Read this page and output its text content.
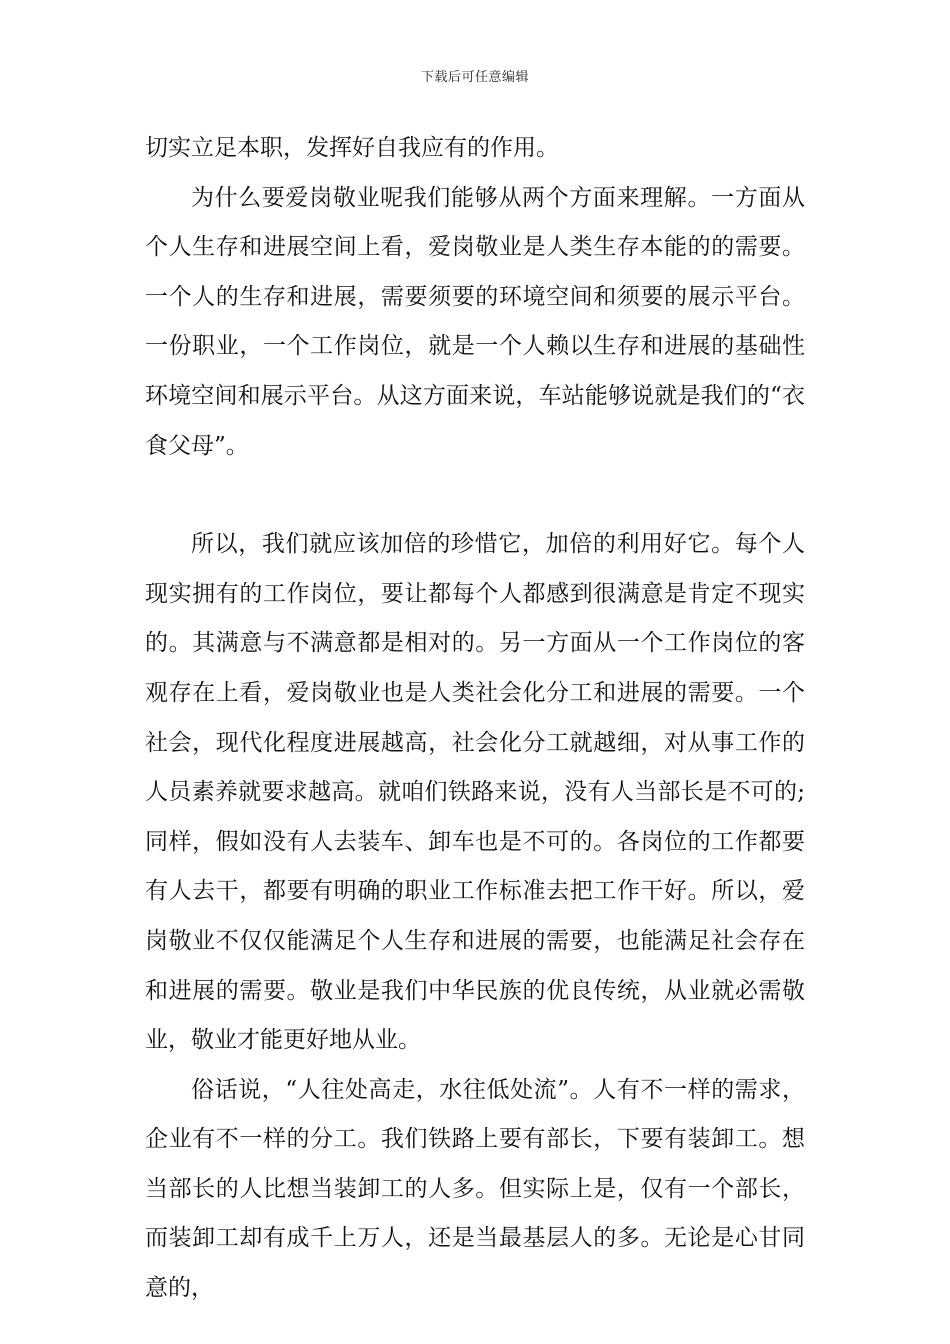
下载后可任意编辑

切实立足本职，发挥好自我应有的作用。

为什么要爱岗敬业呢我们能够从两个方面来理解。一方面从个人生存和进展空间上看，爱岗敬业是人类生存本能的的需要。一个人的生存和进展，需要须要的环境空间和须要的展示平台。一份职业，一个工作岗位，就是一个人赖以生存和进展的基础性环境空间和展示平台。从这方面来说，车站能够说就是我们的“衣食父母”。

所以，我们就应该加倍的珍惜它，加倍的利用好它。每个人现实拥有的工作岗位，要让都每个人都感到很满意是肯定不现实的。其满意与不满意都是相对的。另一方面从一个工作岗位的客观存在上看，爱岗敬业也是人类社会化分工和进展的需要。一个社会，现代化程度进展越高，社会化分工就越细，对从事工作的人员素养就要求越高。就咱们铁路来说，没有人当部长是不可的;同样，假如没有人去装车、卸车也是不可的。各岗位的工作都要有人去干，都要有明确的职业工作标准去把工作干好。所以，爱岗敬业不仅仅能满足个人生存和进展的需要，也能满足社会存在和进展的需要。敬业是我们中华民族的优良传统，从业就必需敬业，敬业才能更好地从业。

俗话说，“人往处高走，水往低处流”。人有不一样的需求，企业有不一样的分工。我们铁路上要有部长，下要有装卸工。想当部长的人比想当装卸工的人多。但实际上是，仅有一个部长，而装卸工却有成千上万人，还是当最基层人的多。无论是心甘同意的，
